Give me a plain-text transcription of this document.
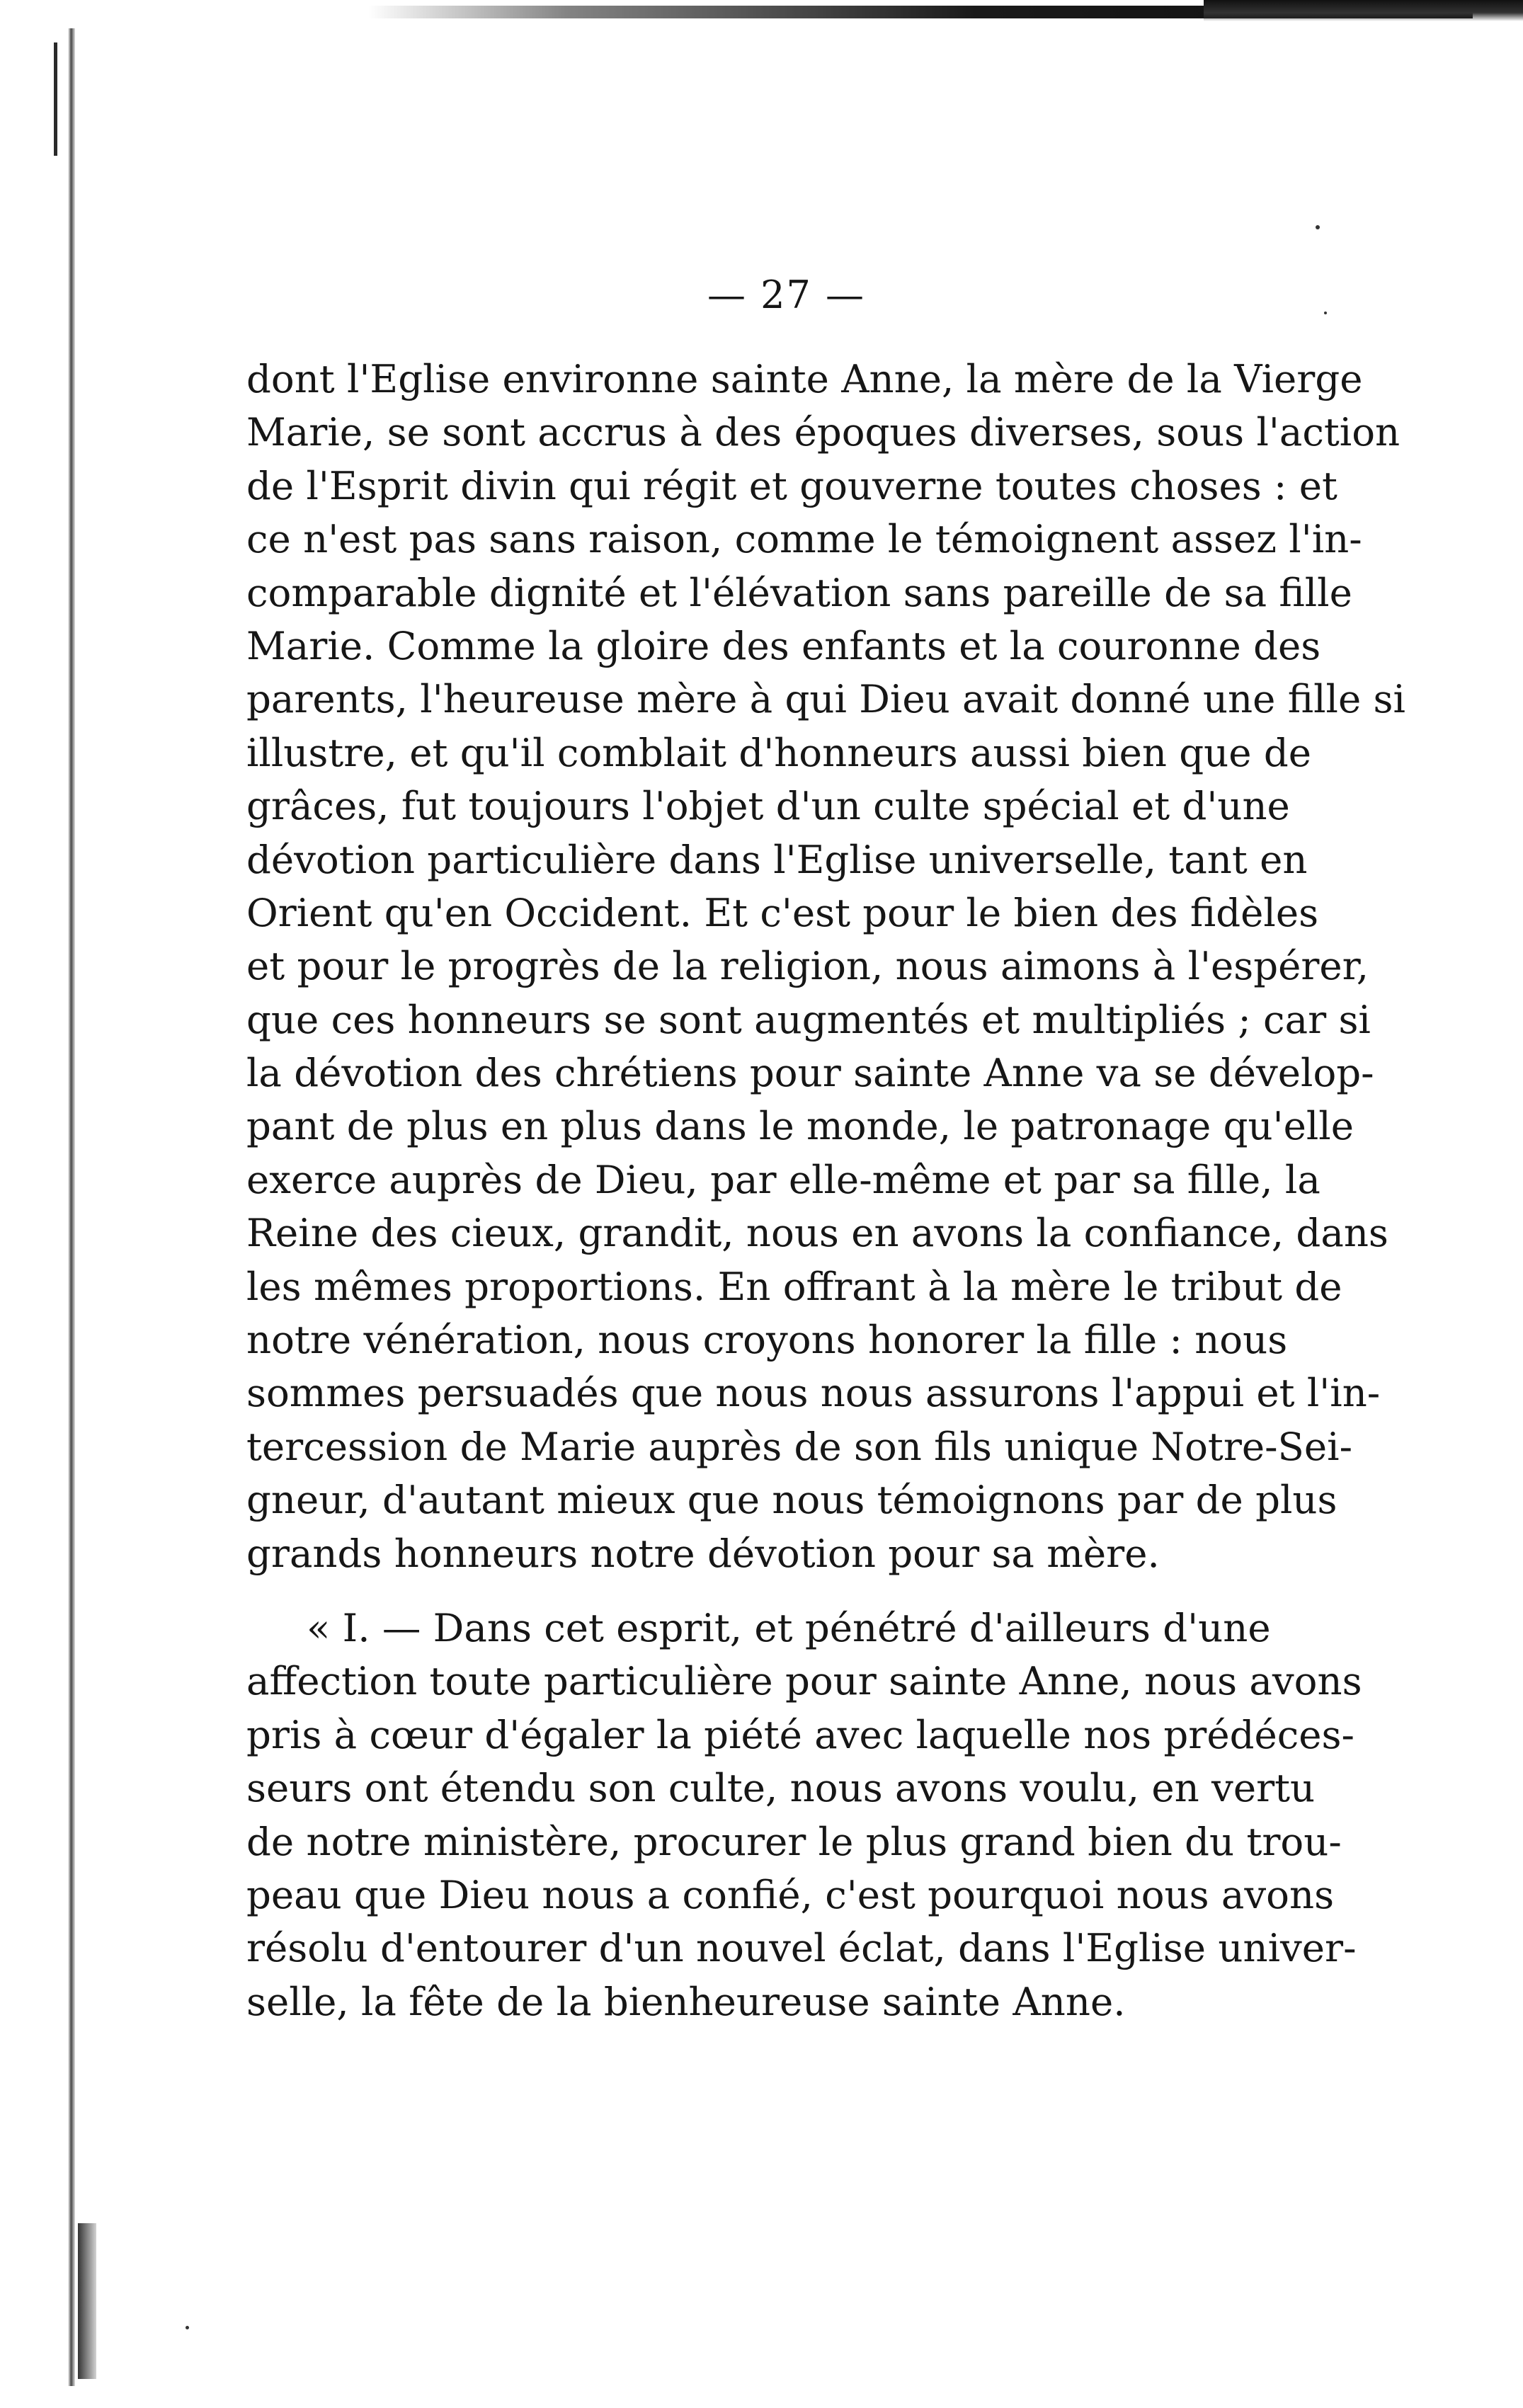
— 27 —
dont l'Eglise environne sainte Anne, la mère de la Vierge
Marie, se sont accrus à des époques diverses, sous l'action
de l'Esprit divin qui régit et gouverne toutes choses : et
ce n'est pas sans raison, comme le témoignent assez l'in-
comparable dignité et l'élévation sans pareille de sa fille
Marie. Comme la gloire des enfants et la couronne des
parents, l'heureuse mère à qui Dieu avait donné une fille si
illustre, et qu'il comblait d'honneurs aussi bien que de
grâces, fut toujours l'objet d'un culte spécial et d'une
dévotion particulière dans l'Eglise universelle, tant en
Orient qu'en Occident. Et c'est pour le bien des fidèles
et pour le progrès de la religion, nous aimons à l'espérer,
que ces honneurs se sont augmentés et multipliés ; car si
la dévotion des chrétiens pour sainte Anne va se dévelop-
pant de plus en plus dans le monde, le patronage qu'elle
exerce auprès de Dieu, par elle-même et par sa fille, la
Reine des cieux, grandit, nous en avons la confiance, dans
les mêmes proportions. En offrant à la mère le tribut de
notre vénération, nous croyons honorer la fille : nous
sommes persuadés que nous nous assurons l'appui et l'in-
tercession de Marie auprès de son fils unique Notre-Sei-
gneur, d'autant mieux que nous témoignons par de plus
grands honneurs notre dévotion pour sa mère.
« I. — Dans cet esprit, et pénétré d'ailleurs d'une
affection toute particulière pour sainte Anne, nous avons
pris à cœur d'égaler la piété avec laquelle nos prédéces-
seurs ont étendu son culte, nous avons voulu, en vertu
de notre ministère, procurer le plus grand bien du trou-
peau que Dieu nous a confié, c'est pourquoi nous avons
résolu d'entourer d'un nouvel éclat, dans l'Eglise univer-
selle, la fête de la bienheureuse sainte Anne.
